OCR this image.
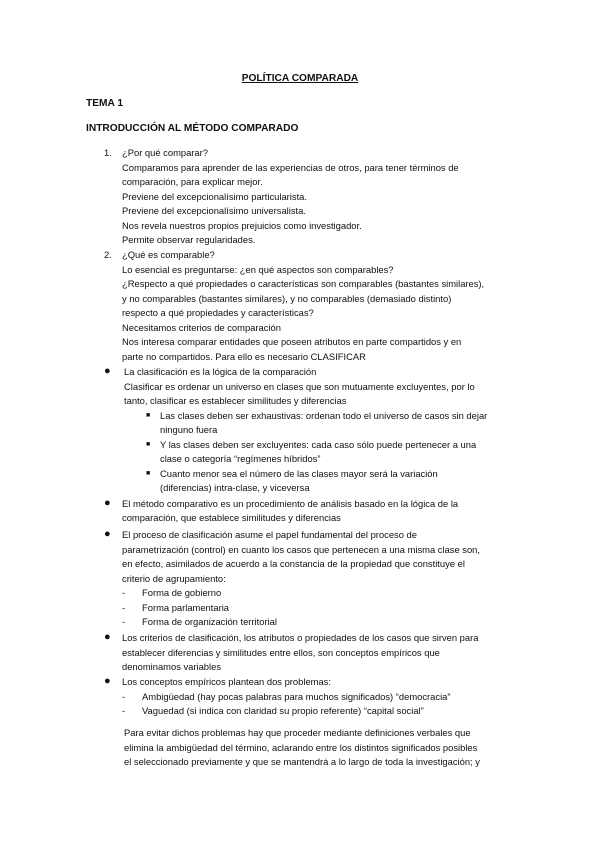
POLÍTICA COMPARADA
TEMA 1
INTRODUCCIÓN AL MÉTODO COMPARADO
1. ¿Por qué comparar?
Comparamos para aprender de las experiencias de otros, para tener términos de
comparación, para explicar mejor.
Previene del excepcionalísimo particularista.
Previene del excepcionalísimo universalista.
Nos revela nuestros propios prejuicios como investigador.
Permite observar regularidades.
2. ¿Qué es comparable?
Lo esencial es preguntarse: ¿en qué aspectos son comparables?
¿Respecto a qué propiedades o características son comparables (bastantes similares),
y no comparables (bastantes similares), y no comparables (demasiado distinto)
respecto a qué propiedades y características?
Necesitamos criterios de comparación
Nos interesa comparar entidades que poseen atributos en parte compartidos y en
parte no compartidos. Para ello es necesario CLASIFICAR
● La clasificación es la lógica de la comparación
Clasificar es ordenar un universo en clases que son mutuamente excluyentes, por lo
tanto, clasificar es establecer similitudes y diferencias
■ Las clases deben ser exhaustivas: ordenan todo el universo de casos sin dejar
ninguno fuera
■ Y las clases deben ser excluyentes: cada caso sólo puede pertenecer a una
clase o categoría “regímenes híbridos”
■ Cuanto menor sea el número de las clases mayor será la variación
(diferencias) intra-clase, y viceversa
● El método comparativo es un procedimiento de análisis basado en la lógica de la
comparación, que establece similitudes y diferencias
● El proceso de clasificación asume el papel fundamental del proceso de
parametrización (control) en cuanto los casos que pertenecen a una misma clase son,
en efecto, asimilados de acuerdo a la constancia de la propiedad que constituye el
criterio de agrupamiento:
- Forma de gobierno
- Forma parlamentaria
- Forma de organización territorial
● Los criterios de clasificación, los atributos o propiedades de los casos que sirven para
establecer diferencias y similitudes entre ellos, son conceptos empíricos que
denominamos variables
● Los conceptos empíricos plantean dos problemas:
- Ambigüedad (hay pocas palabras para muchos significados) “democracia”
- Vaguedad (si indica con claridad su propio referente) “capital social”
Para evitar dichos problemas hay que proceder mediante definiciones verbales que
elimina la ambigüedad del término, aclarando entre los distintos significados posibles
el seleccionado previamente y que se mantendrá a lo largo de toda la investigación; y
